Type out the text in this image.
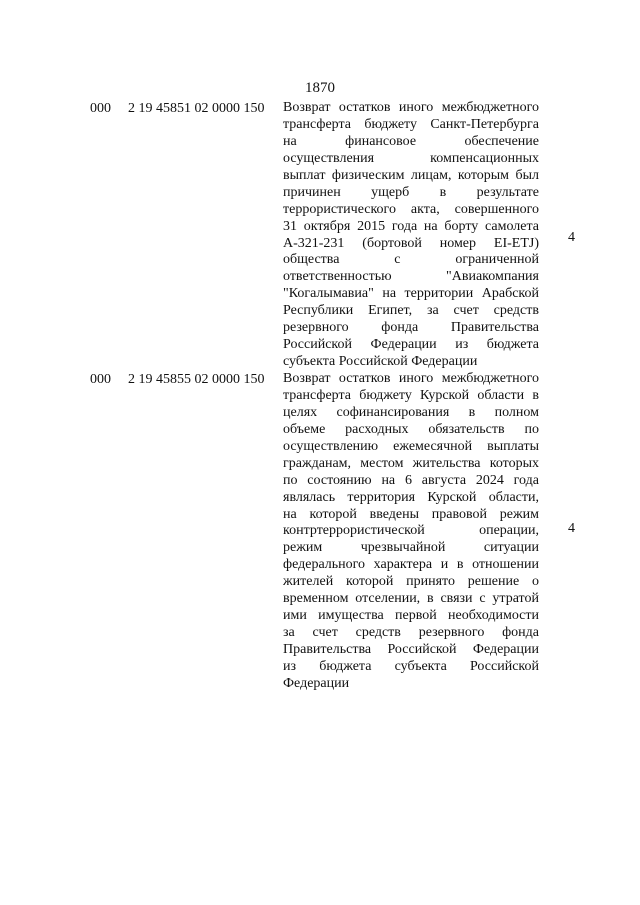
1870
000 2 19 45851 02 0000 150 Возврат остатков иного межбюджетного
трансферта бюджету Санкт-Петербурга
на финансовое обеспечение
осуществления компенсационных
выплат физическим лицам, которым был
причинен ущерб в результате
террористического акта, совершенного
31 октября 2015 года на борту самолета
А-321-231 (бортовой номер EI-ETJ)
общества с ограниченной
ответственностью "Авиакомпания
"Когалымавиа" на территории Арабской
Республики Египет, за счет средств
резервного фонда Правительства
Российской Федерации из бюджета
субъекта Российской Федерации
4
000 2 19 45855 02 0000 150 Возврат остатков иного межбюджетного
трансферта бюджету Курской области в
целях софинансирования в полном
объеме расходных обязательств по
осуществлению ежемесячной выплаты
гражданам, местом жительства которых
по состоянию на 6 августа 2024 года
являлась территория Курской области,
на которой введены правовой режим
контртеррористической операции,
режим чрезвычайной ситуации
федерального характера и в отношении
жителей которой принято решение о
временном отселении, в связи с утратой
ими имущества первой необходимости
за счет средств резервного фонда
Правительства Российской Федерации
из бюджета субъекта Российской
Федерации
4
